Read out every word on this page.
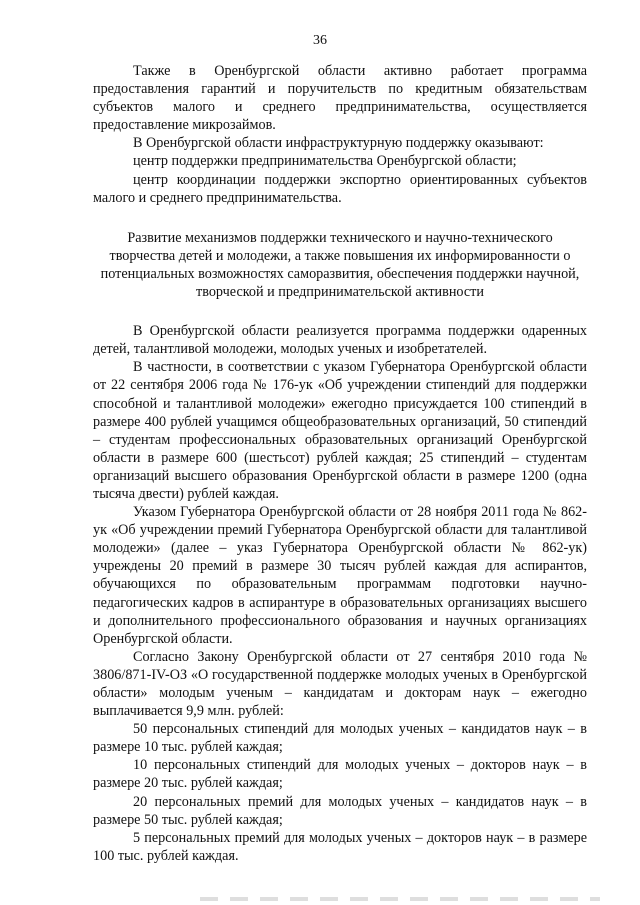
36

Также в Оренбургской области активно работает программа предоставления гарантий и поручительств по кредитным обязательствам субъектов малого и среднего предпринимательства, осуществляется предоставление микрозаймов.

В Оренбургской области инфраструктурную поддержку оказывают:

центр поддержки предпринимательства Оренбургской области;

центр координации поддержки экспортно ориентированных субъектов малого и среднего предпринимательства.

Развитие механизмов поддержки технического и научно-технического творчества детей и молодежи, а также повышения их информированности о потенциальных возможностях саморазвития, обеспечения поддержки научной, творческой и предпринимательской активности

В Оренбургской области реализуется программа поддержки одаренных детей, талантливой молодежи, молодых ученых и изобретателей.

В частности, в соответствии с указом Губернатора Оренбургской области от 22 сентября 2006 года № 176-ук «Об учреждении стипендий для поддержки способной и талантливой молодежи» ежегодно присуждается 100 стипендий в размере 400 рублей учащимся общеобразовательных организаций, 50 стипендий – студентам профессиональных образовательных организаций Оренбургской области в размере 600 (шестьсот) рублей каждая; 25 стипендий – студентам организаций высшего образования Оренбургской области в размере 1200 (одна тысяча двести) рублей каждая.

Указом Губернатора Оренбургской области от 28 ноября 2011 года № 862-ук «Об учреждении премий Губернатора Оренбургской области для талантливой молодежи» (далее – указ Губернатора Оренбургской области № 862-ук) учреждены 20 премий в размере 30 тысяч рублей каждая для аспирантов, обучающихся по образовательным программам подготовки научно-педагогических кадров в аспирантуре в образовательных организациях высшего и дополнительного профессионального образования и научных организациях Оренбургской области.

Согласно Закону Оренбургской области от 27 сентября 2010 года № 3806/871-IV-ОЗ «О государственной поддержке молодых ученых в Оренбургской области» молодым ученым – кандидатам и докторам наук – ежегодно выплачивается 9,9 млн. рублей:

50 персональных стипендий для молодых ученых – кандидатов наук – в размере 10 тыс. рублей каждая;

10 персональных стипендий для молодых ученых – докторов наук – в размере 20 тыс. рублей каждая;

20 персональных премий для молодых ученых – кандидатов наук – в размере 50 тыс. рублей каждая;

5 персональных премий для молодых ученых – докторов наук – в размере 100 тыс. рублей каждая.
